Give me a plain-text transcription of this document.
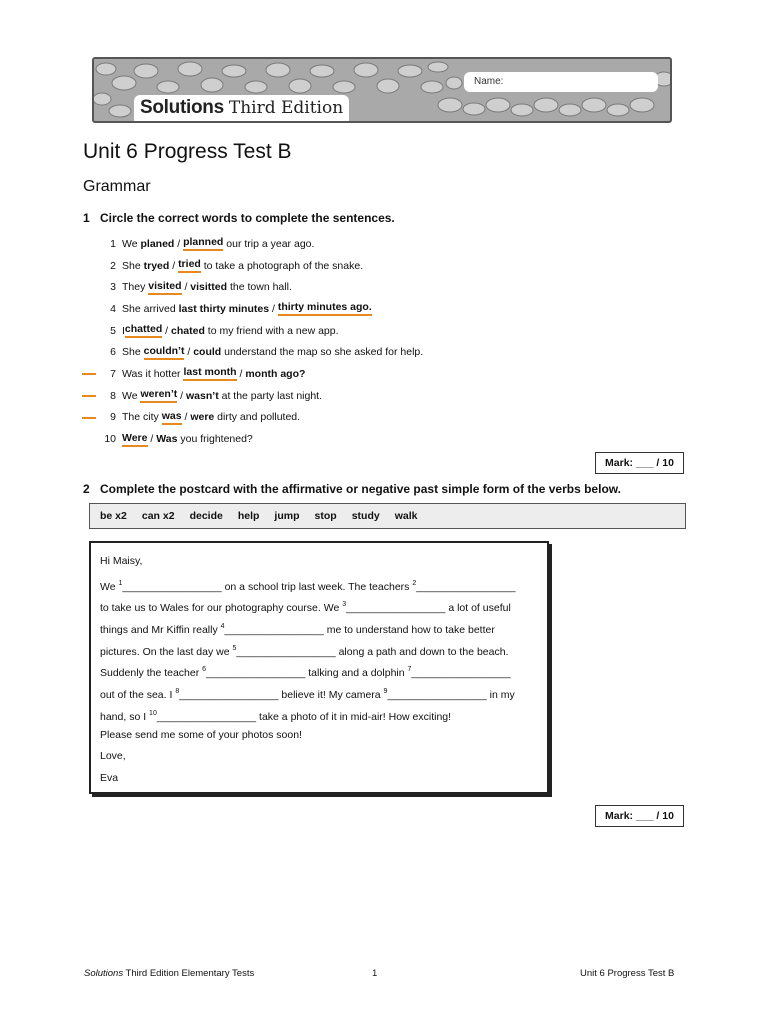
Solutions Third Edition
Name:
Unit 6 Progress Test B
Grammar
1 Circle the correct words to complete the sentences.
1 We
planed / planned our trip a year ago.
2 She
tryed / tried to take a photograph of the snake.
3 They
visited / visitted the town hall.
4 She arrived
last thirty minutes / thirty minutes ago.
5 I chatted / chated to my friend with a new app.
6 She
couldn’t / could understand the map so she asked for help.
7 Was it hotter
last month / month ago?
8 We
weren’t / wasn’t at the party last night.
9 The city
was / were dirty and polluted.
10 Were / Was you frightened?
Mark: ___ / 10
2 Complete the postcard with the affirmative or negative past simple form of the verbs below.
be x2 can x2 decide help jump stop study walk
Hi Maisy,
We $^1$_________________ on a school trip last week. The teachers $^2$_________________
to take us to Wales for our photography course. We $^3$_________________ a lot of useful
things and Mr Kiffin really $^4$_________________ me to understand how to take better
pictures. On the last day we $^5$_________________ along a path and down to the beach.
Suddenly the teacher $^6$_________________ talking and a dolphin $^7$_________________
out of the sea. I $^8$_________________ believe it! My camera $^9$_________________ in my
hand, so I $^{10}$_________________ take a photo of it in mid-air! How exciting!
Please send me some of your photos soon!
Love,
Eva
Mark: ___ / 10
Solutions Third Edition Elementary Tests	1	Unit 6 Progress Test B
